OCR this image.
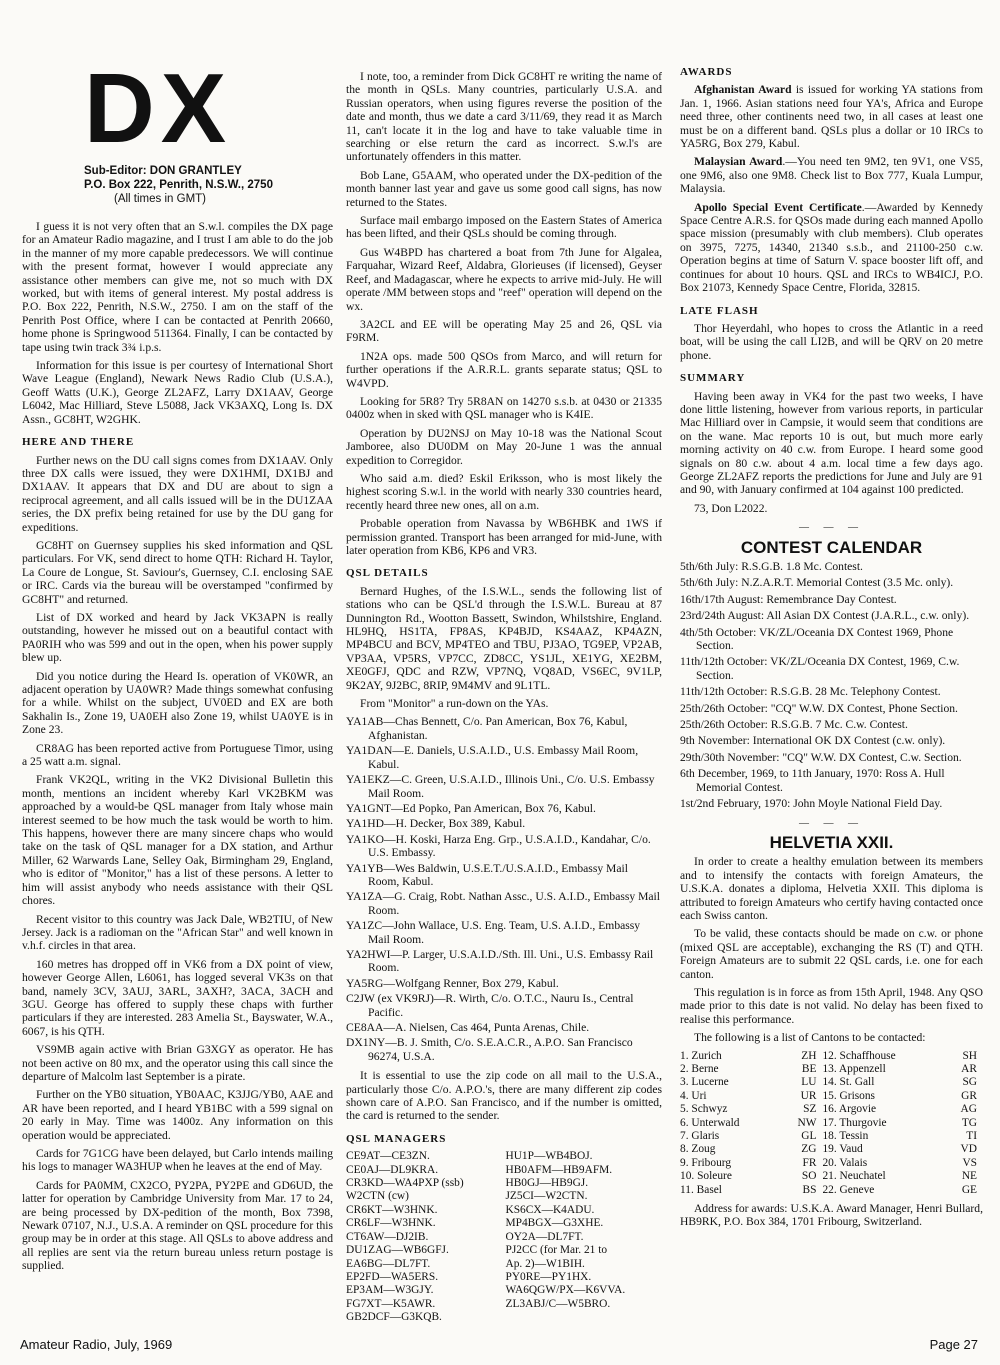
DX
Sub-Editor: DON GRANTLEY
P.O. Box 222, Penrith, N.S.W., 2750
(All times in GMT)

I guess it is not very often that an S.w.l. compiles the DX page for an Amateur Radio magazine, and I trust I am able to do the job in the manner of my more capable predecessors. We will continue with the present format, however I would appreciate any assistance other members can give me, not so much with DX worked, but with items of general interest. My postal address is P.O. Box 222, Penrith, N.S.W., 2750. I am on the staff of the Penrith Post Office, where I can be contacted at Penrith 20660, home phone is Springwood 511364. Finally, I can be contacted by tape using twin track 3¾ i.p.s.

Information for this issue is per courtesy of International Short Wave League (England), Newark News Radio Club (U.S.A.), Geoff Watts (U.K.), George ZL2AFZ, Larry DX1AAV, George L6042, Mac Hilliard, Steve L5088, Jack VK3AXQ, Long Is. DX Assn., GC8HT, W2GHK.

HERE AND THERE

Further news on the DU call signs comes from DX1AAV. Only three DX calls were issued, they were DX1HMI, DX1BJ and DX1AAV. It appears that DX and DU are about to sign a reciprocal agreement, and all calls issued will be in the DU1ZAA series, the DX prefix being retained for use by the DU gang for expeditions.

GC8HT on Guernsey supplies his sked information and QSL particulars. For VK, send direct to home QTH: Richard H. Taylor, La Coure de Longue, St. Saviour's, Guernsey, C.I. enclosing SAE or IRC. Cards via the bureau will be overstamped "confirmed by GC8HT" and returned.

List of DX worked and heard by Jack VK3APN is really outstanding, however he missed out on a beautiful contact with PA0RIH who was 599 and out in the open, when his power supply blew up.

Did you notice during the Heard Is. operation of VK0WR, an adjacent operation by UA0WR? Made things somewhat confusing for a while. Whilst on the subject, UV0ED and EX are both Sakhalin Is., Zone 19, UA0EH also Zone 19, whilst UA0YE is in Zone 23.

CR8AG has been reported active from Portuguese Timor, using a 25 watt a.m. signal.

Frank VK2QL, writing in the VK2 Divisional Bulletin this month, mentions an incident whereby Karl VK2BKM was approached by a would-be QSL manager from Italy whose main interest seemed to be how much the task would be worth to him. This happens, however there are many sincere chaps who would take on the task of QSL manager for a DX station, and Arthur Miller, 62 Warwards Lane, Selley Oak, Birmingham 29, England, who is editor of "Monitor," has a list of these persons. A letter to him will assist anybody who needs assistance with their QSL chores.

Recent visitor to this country was Jack Dale, WB2TIU, of New Jersey. Jack is a radioman on the "African Star" and well known in v.h.f. circles in that area.

160 metres has dropped off in VK6 from a DX point of view, however George Allen, L6061, has logged several VK3s on that band, namely 3CV, 3AUJ, 3ARL, 3AXH?, 3ACA, 3ACH and 3GU. George has offered to supply these chaps with further particulars if they are interested. 283 Amelia St., Bayswater, W.A., 6067, is his QTH.

VS9MB again active with Brian G3XGY as operator. He has not been active on 80 mx, and the operator using this call since the departure of Malcolm last September is a pirate.

Further on the YB0 situation, YB0AAC, K3JJG/YB0, AAE and AR have been reported, and I heard YB1BC with a 599 signal on 20 early in May. Time was 1400z. Any information on this operation would be appreciated.

Cards for 7G1CG have been delayed, but Carlo intends mailing his logs to manager WA3HUP when he leaves at the end of May.

Cards for PA0MM, CX2CO, PY2PA, PY2PE and GD6UD, the latter for operation by Cambridge University from Mar. 17 to 24, are being processed by DX-pedition of the month, Box 7398, Newark 07107, N.J., U.S.A. A reminder on QSL procedure for this group may be in order at this stage. All QSLs to above address and all replies are sent via the return bureau unless return postage is supplied.

I note, too, a reminder from Dick GC8HT re writing the name of the month in QSLs. Many countries, particularly U.S.A. and Russian operators, when using figures reverse the position of the date and month, thus we date a card 3/11/69, they read it as March 11, can't locate it in the log and have to take valuable time in searching or else return the card as incorrect. S.w.l's are unfortunately offenders in this matter.

Bob Lane, G5AAM, who operated under the DX-pedition of the month banner last year and gave us some good call signs, has now returned to the States.

Surface mail embargo imposed on the Eastern States of America has been lifted, and their QSLs should be coming through.

Gus W4BPD has chartered a boat from 7th June for Algalea, Farquahar, Wizard Reef, Aldabra, Glorieuses (if licensed), Geyser Reef, and Madagascar, where he expects to arrive mid-July. He will operate /MM between stops and "reef" operation will depend on the wx.

3A2CL and EE will be operating May 25 and 26, QSL via F9RM.

1N2A ops. made 500 QSOs from Marco, and will return for further operations if the A.R.R.L. grants separate status; QSL to W4VPD.

Looking for 5R8? Try 5R8AN on 14270 s.s.b. at 0430 or 21335 0400z when in sked with QSL manager who is K4IE.

Operation by DU2NSJ on May 10-18 was the National Scout Jamboree, also DU0DM on May 20-June 1 was the annual expedition to Corregidor.

Who said a.m. died? Eskil Eriksson, who is most likely the highest scoring S.w.l. in the world with nearly 330 countries heard, recently heard three new ones, all on a.m.

Probable operation from Navassa by WB6HBK and 1WS if permission granted. Transport has been arranged for mid-June, with later operation from KB6, KP6 and VR3.

QSL DETAILS

Bernard Hughes, of the I.S.W.L., sends the following list of stations who can be QSL'd through the I.S.W.L. Bureau at 87 Dunnington Rd., Wootton Bassett, Swindon, Whilstshire, England. HL9HQ, HS1TA, FP8AS, KP4BJD, KS4AAZ, KP4AZN, MP4BCU and BCV, MP4TEO and TBU, PJ3AO, TG9EP, VP2AB, VP3AA, VP5RS, VP7CC, ZD8CC, YS1JL, XE1YG, XE2BM, XE0GFJ, QDC and RZW, VP7NQ, VQ8AD, VS6EC, 9V1LP, 9K2AY, 9J2BC, 8RIP, 9M4MV and 9L1TL.

From "Monitor" a run-down on the YAs.

YA1AB—Chas Bennett, C/o. Pan American, Box 76, Kabul, Afghanistan.

YA1DAN—E. Daniels, U.S.A.I.D., U.S. Embassy Mail Room, Kabul.

YA1EKZ—C. Green, U.S.A.I.D., Illinois Uni., C/o. U.S. Embassy Mail Room.

YA1GNT—Ed Popko, Pan American, Box 76, Kabul.

YA1HD—H. Decker, Box 389, Kabul.

YA1KO—H. Koski, Harza Eng. Grp., U.S.A.I.D., Kandahar, C/o. U.S. Embassy.

YA1YB—Wes Baldwin, U.S.E.T./U.S.A.I.D., Embassy Mail Room, Kabul.

YA1ZA—G. Craig, Robt. Nathan Assc., U.S. A.I.D., Embassy Mail Room.

YA1ZC—John Wallace, U.S. Eng. Team, U.S. A.I.D., Embassy Mail Room.

YA2HWI—P. Larger, U.S.A.I.D./Sth. Ill. Uni., U.S. Embassy Rail Room.

YA5RG—Wolfgang Renner, Box 279, Kabul.

C2JW (ex VK9RJ)—R. Wirth, C/o. O.T.C., Nauru Is., Central Pacific.

CE8AA—A. Nielsen, Cas 464, Punta Arenas, Chile.

DX1NY—B. J. Smith, C/o. S.E.A.C.R., A.P.O. San Francisco 96274, U.S.A.

It is essential to use the zip code on all mail to the U.S.A., particularly those C/o. A.P.O.'s, there are many different zip codes shown care of A.P.O. San Francisco, and if the number is omitted, the card is returned to the sender.

QSL MANAGERS
CE9AT—CE3ZN.	HU1P—WB4BOJ.
CE0AJ—DL9KRA.	HB0AFM—HB9AFM.
CR3KD—WA4PXP (ssb)	HB0GJ—HB9GJ.
W2CTN (cw)	JZ5CI—W2CTN.
CR6KT—W3HNK.	KS6CX—K4ADU.
CR6LF—W3HNK.	MP4BGX—G3XHE.
CT6AW—DJ2IB.	OY2A—DL7FT.
DU1ZAG—WB6GFJ.	PJ2CC (for Mar. 21 to
EA6BG—DL7FT.	Ap. 2)—W1BIH.
EP2FD—WA5ERS.	PY0RE—PY1HX.
EP3AM—W3GJY.	WA6QGW/PX—K6VVA.
FG7XT—K5AWR.	ZL3ABJ/C—W5BRO.
GB2DCF—G3KQB.	
AWARDS

Afghanistan Award is issued for working YA stations from Jan. 1, 1966. Asian stations need four YA's, Africa and Europe need three, other continents need two, in all cases at least one must be on a different band. QSLs plus a dollar or 10 IRCs to YA5RG, Box 279, Kabul.

Malaysian Award.—You need ten 9M2, ten 9V1, one VS5, one 9M6, also one 9M8. Check list to Box 777, Kuala Lumpur, Malaysia.

Apollo Special Event Certificate.—Awarded by Kennedy Space Centre A.R.S. for QSOs made during each manned Apollo space mission (presumably with club members). Club operates on 3975, 7275, 14340, 21340 s.s.b., and 21100-250 c.w. Operation begins at time of Saturn V. space booster lift off, and continues for about 10 hours. QSL and IRCs to WB4ICJ, P.O. Box 21073, Kennedy Space Centre, Florida, 32815.

LATE FLASH

Thor Heyerdahl, who hopes to cross the Atlantic in a reed boat, will be using the call LI2B, and will be QRV on 20 metre phone.

SUMMARY

Having been away in VK4 for the past two weeks, I have done little listening, however from various reports, in particular Mac Hilliard over in Campsie, it would seem that conditions are on the wane. Mac reports 10 is out, but much more early morning activity on 40 c.w. from Europe. I heard some good signals on 80 c.w. about 4 a.m. local time a few days ago. George ZL2AFZ reports the predictions for June and July are 91 and 90, with January confirmed at 104 against 100 predicted.

73, Don L2022.

— — —
CONTEST CALENDAR

5th/6th July: R.S.G.B. 1.8 Mc. Contest.

5th/6th July: N.Z.A.R.T. Memorial Contest (3.5 Mc. only).

16th/17th August: Remembrance Day Contest.

23rd/24th August: All Asian DX Contest (J.A.R.L., c.w. only).

4th/5th October: VK/ZL/Oceania DX Contest 1969, Phone Section.

11th/12th October: VK/ZL/Oceania DX Contest, 1969, C.w. Section.

11th/12th October: R.S.G.B. 28 Mc. Telephony Contest.

25th/26th October: "CQ" W.W. DX Contest, Phone Section.

25th/26th October: R.S.G.B. 7 Mc. C.w. Contest.

9th November: International OK DX Contest (c.w. only).

29th/30th November: "CQ" W.W. DX Contest, C.w. Section.

6th December, 1969, to 11th January, 1970: Ross A. Hull Memorial Contest.

1st/2nd February, 1970: John Moyle National Field Day.

— — —
HELVETIA XXII.

In order to create a healthy emulation between its members and to intensify the contacts with foreign Amateurs, the U.S.K.A. donates a diploma, Helvetia XXII. This diploma is attributed to foreign Amateurs who certify having contacted once each Swiss canton.

To be valid, these contacts should be made on c.w. or phone (mixed QSL are acceptable), exchanging the RS (T) and QTH. Foreign Amateurs are to submit 22 QSL cards, i.e. one for each canton.

This regulation is in force as from 15th April, 1948. Any QSO made prior to this date is not valid. No delay has been fixed to realise this performance.

The following is a list of Cantons to be contacted:

1. Zurich	ZH	12. Schaffhouse	SH
2. Berne	BE	13. Appenzell	AR
3. Lucerne	LU	14. St. Gall	SG
4. Uri	UR	15. Grisons	GR
5. Schwyz	SZ	16. Argovie	AG
6. Unterwald	NW	17. Thurgovie	TG
7. Glaris	GL	18. Tessin	TI
8. Zoug	ZG	19. Vaud	VD
9. Fribourg	FR	20. Valais	VS
10. Soleure	SO	21. Neuchatel	NE
11. Basel	BS	22. Geneve	GE

Address for awards: U.S.K.A. Award Manager, Henri Bullard, HB9RK, P.O. Box 384, 1701 Fribourg, Switzerland.

Amateur Radio, July, 1969	Page 27
